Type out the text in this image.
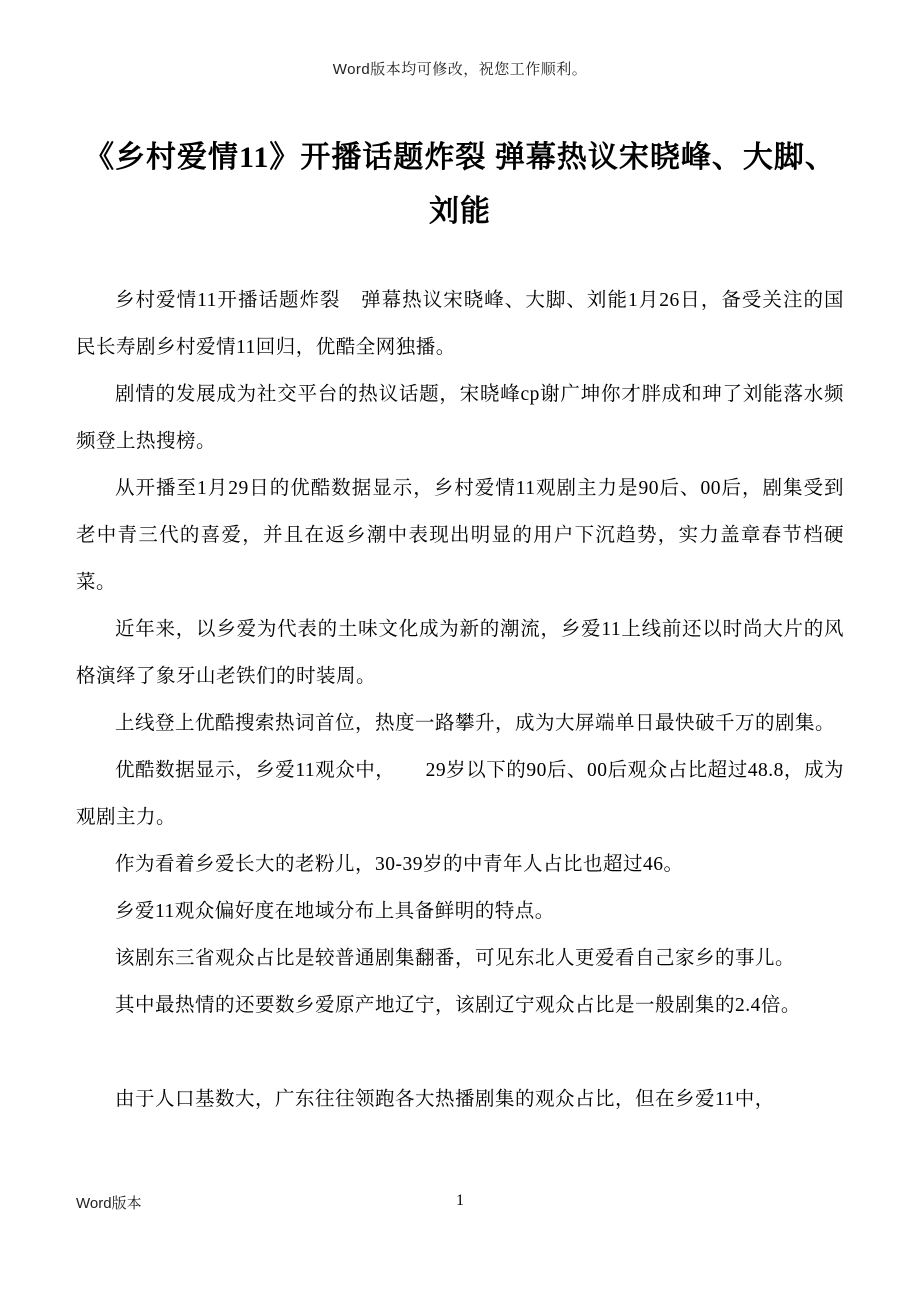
Word版本均可修改，祝您工作顺利。
《乡村爱情11》开播话题炸裂 弹幕热议宋晓峰、大脚、刘能

乡村爱情11开播话题炸裂　弹幕热议宋晓峰、大脚、刘能1月26日，备受关注的国民长寿剧乡村爱情11回归，优酷全网独播。

剧情的发展成为社交平台的热议话题，宋晓峰cp谢广坤你才胖成和珅了刘能落水频频登上热搜榜。

从开播至1月29日的优酷数据显示，乡村爱情11观剧主力是90后、00后，剧集受到老中青三代的喜爱，并且在返乡潮中表现出明显的用户下沉趋势，实力盖章春节档硬菜。

近年来，以乡爱为代表的土味文化成为新的潮流，乡爱11上线前还以时尚大片的风格演绎了象牙山老铁们的时装周。

上线登上优酷搜索热词首位，热度一路攀升，成为大屏端单日最快破千万的剧集。

优酷数据显示，乡爱11观众中，　　29岁以下的90后、00后观众占比超过48.8，成为观剧主力。

作为看着乡爱长大的老粉儿，30-39岁的中青年人占比也超过46。

乡爱11观众偏好度在地域分布上具备鲜明的特点。

该剧东三省观众占比是较普通剧集翻番，可见东北人更爱看自己家乡的事儿。

其中最热情的还要数乡爱原产地辽宁，该剧辽宁观众占比是一般剧集的2.4倍。

由于人口基数大，广东往往领跑各大热播剧集的观众占比，但在乡爱11中，

Word版本	1
